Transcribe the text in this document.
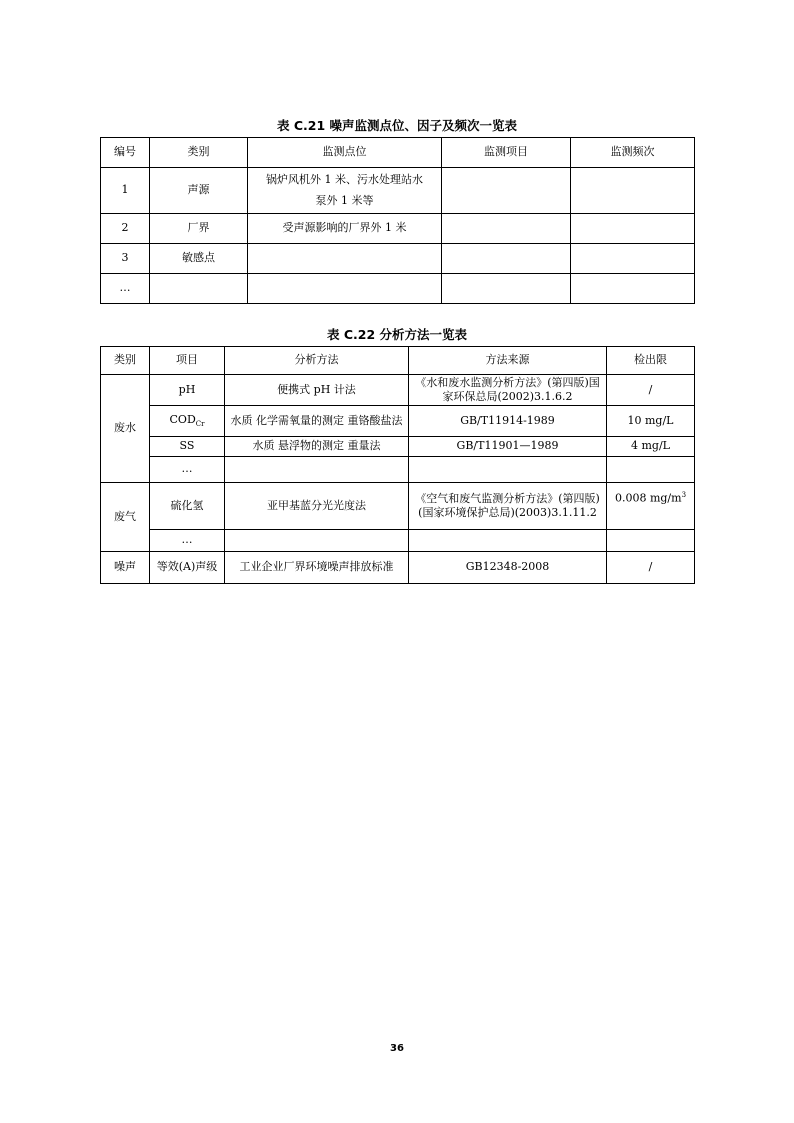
表 C.21 噪声监测点位、因子及频次一览表
编号	类别	监测点位	监测项目	监测频次
1	声源	锅炉风机外 1 米、污水处理站水泵外 1 米等		
2	厂界	受声源影响的厂界外 1 米		
3	敏感点			
…				
表 C.22 分析方法一览表
类别	项目	分析方法	方法来源	检出限
废水	pH	便携式 pH 计法	《水和废水监测分析方法》(第四版)国家环保总局(2002)3.1.6.2	/
	$COD_{Cr}$	水质 化学需氧量的测定 重铬酸盐法	GB/T11914-1989	10 mg/L
	SS	水质 悬浮物的测定 重量法	GB/T11901—1989	4 mg/L
	…			
废气	硫化氢	亚甲基蓝分光光度法	《空气和废气监测分析方法》(第四版)(国家环境保护总局)(2003)3.1.11.2	0.008 $mg/m^3$
	…			
噪声	等效(A)声级	工业企业厂界环境噪声排放标准	GB12348-2008	/
36
